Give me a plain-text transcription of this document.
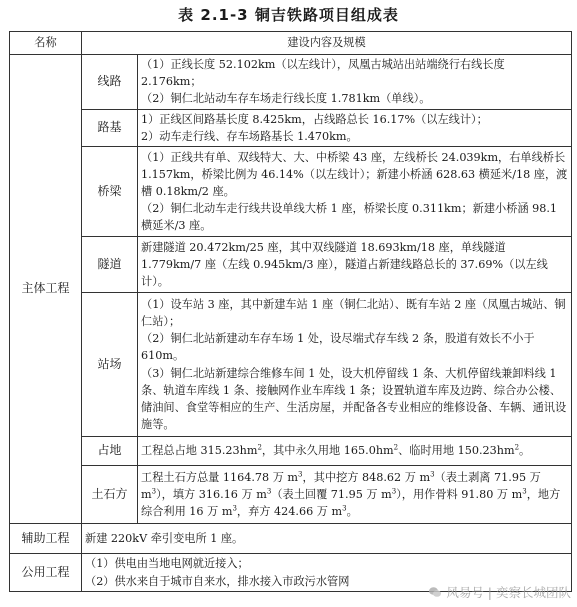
表 2.1-3 铜吉铁路项目组成表
名称	建设内容及规模	
主体工程	线路	（1）正线长度 52.102km（以左线计），凤凰古城站出站端绕行右线长度 2.176km；

（2）铜仁北站动车存车场走行线长度 1.781km（单线）。

	路基	1）正线区间路基长度 8.425km，占线路总长 16.17%（以左线计）；

2）动车走行线、存车场路基长 1.470km。

	桥梁	（1）正线共有单、双线特大、大、中桥梁 43 座，左线桥长 24.039km，右单线桥长 1.157km，桥梁比例为 46.14%（以左线计）；新建小桥涵 628.63 横延米/18 座，渡槽 0.18km/2 座。

（2）铜仁北动车走行线共设单线大桥 1 座，桥梁长度 0.311km；新建小桥涵 98.1 横延米/3 座。

	隧道	新建隧道 20.472km/25 座，其中双线隧道 18.693km/18 座，单线隧道 1.779km/7 座（左线 0.945km/3 座），隧道占新建线路总长的 37.69%（以左线计）。

	站场	（1）设车站 3 座，其中新建车站 1 座（铜仁北站）、既有车站 2 座（凤凰古城站、铜仁站）；

（2）铜仁北站新建动车存车场 1 处，设尽端式存车线 2 条，股道有效长不小于 610m。

（3）铜仁北站新建综合维修车间 1 处，设大机停留线 1 条、大机停留线兼卸料线 1 条、轨道车库线 1 条、接触网作业车库线 1 条；设置轨道车库及边跨、综合办公楼、储油间、食堂等相应的生产、生活房屋，并配备各专业相应的维修设备、车辆、通讯设施等。

	占地	工程总占地 $315.23hm^2$，其中永久用地 $165.0hm^2$、临时用地 $150.23hm^2$。
	土石方	工程土石方总量 1164.78 万 $m^3$，其中挖方 848.62 万 $m^3$（表土剥离 71.95 万 $m^3$），填方 316.16 万 $m^3$（表土回覆 71.95 万 $m^3$），用作骨料 91.80 万 $m^3$，地方综合利用 16 万 $m^3$，弃方 424.66 万 $m^3$。
辅助工程	新建 220kV 牵引变电所 1 座。	
公用工程	（1）供电由当地电网就近接入；

（2）供水来自于城市自来水，排水接入市政污水管网	

风易号 | 奕察长城团队
